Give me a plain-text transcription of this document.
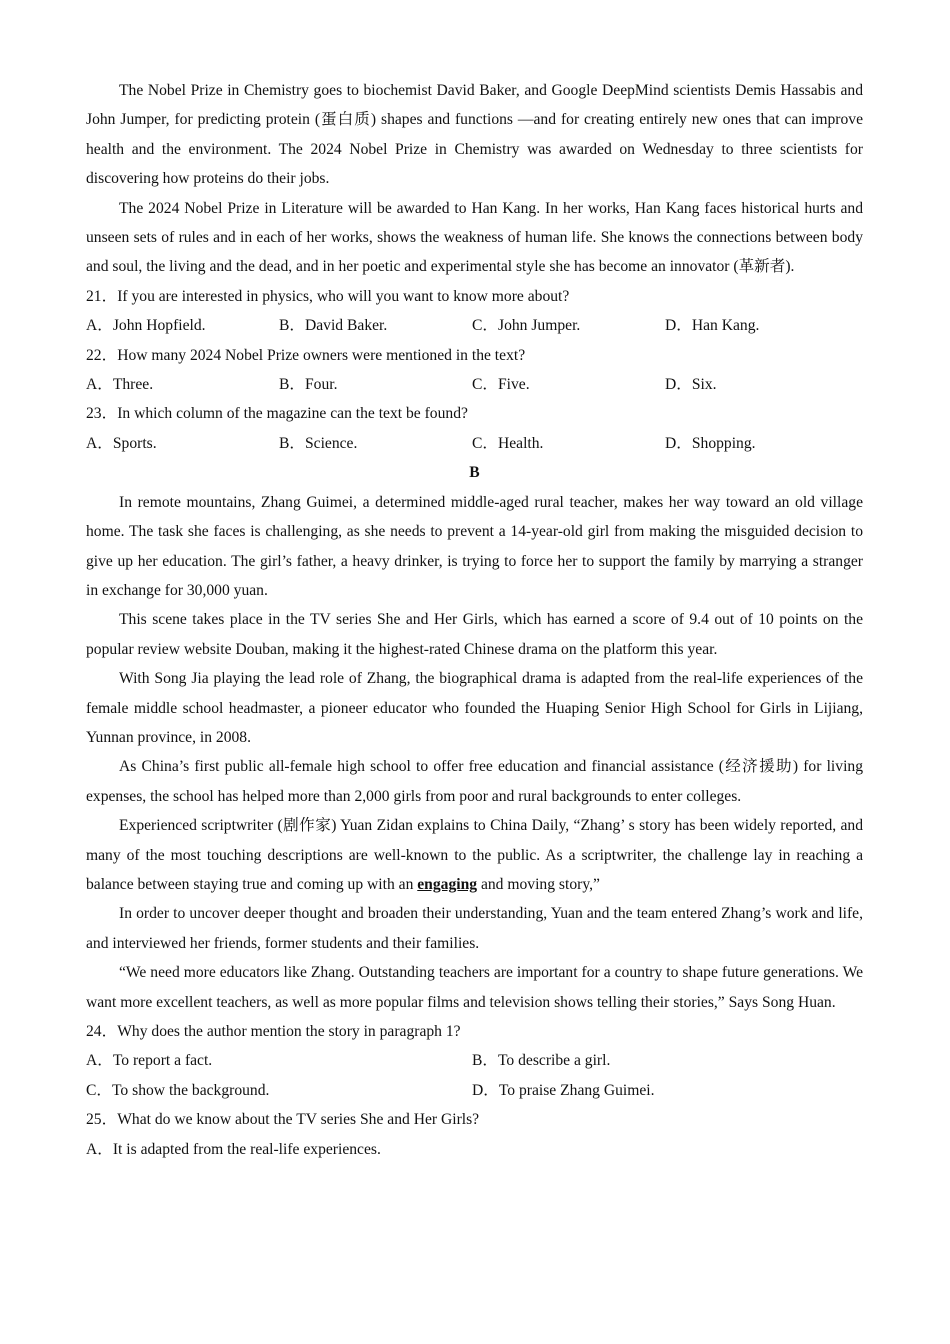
The Nobel Prize in Chemistry goes to biochemist David Baker, and Google DeepMind scientists Demis Hassabis and John Jumper, for predicting protein (蛋白质) shapes and functions —and for creating entirely new ones that can improve health and the environment. The 2024 Nobel Prize in Chemistry was awarded on Wednesday to three scientists for discovering how proteins do their jobs.

The 2024 Nobel Prize in Literature will be awarded to Han Kang. In her works, Han Kang faces historical hurts and unseen sets of rules and in each of her works, shows the weakness of human life. She knows the connections between body and soul, the living and the dead, and in her poetic and experimental style she has become an innovator (革新者).

21．If you are interested in physics, who will you want to know more about?

A．John Hopfield.	B．David Baker.	C．John Jumper.	D．Han Kang.

22．How many 2024 Nobel Prize owners were mentioned in the text?

A．Three.	B．Four.	C．Five.	D．Six.

23．In which column of the magazine can the text be found?

A．Sports.	B．Science.	C．Health.	D．Shopping.

B

In remote mountains, Zhang Guimei, a determined middle-aged rural teacher, makes her way toward an old village home. The task she faces is challenging, as she needs to prevent a 14-year-old girl from making the misguided decision to give up her education. The girl’s father, a heavy drinker, is trying to force her to support the family by marrying a stranger in exchange for 30,000 yuan.

This scene takes place in the TV series She and Her Girls, which has earned a score of 9.4 out of 10 points on the popular review website Douban, making it the highest-rated Chinese drama on the platform this year.

With Song Jia playing the lead role of Zhang, the biographical drama is adapted from the real-life experiences of the female middle school headmaster, a pioneer educator who founded the Huaping Senior High School for Girls in Lijiang, Yunnan province, in 2008.

As China’s first public all-female high school to offer free education and financial assistance (经济援助) for living expenses, the school has helped more than 2,000 girls from poor and rural backgrounds to enter colleges.

Experienced scriptwriter (剧作家) Yuan Zidan explains to China Daily, “Zhang’ s story has been widely reported, and many of the most touching descriptions are well-known to the public. As a scriptwriter, the challenge lay in reaching a balance between staying true and coming up with an engaging and moving story,”

In order to uncover deeper thought and broaden their understanding, Yuan and the team entered Zhang’s work and life, and interviewed her friends, former students and their families.

“We need more educators like Zhang. Outstanding teachers are important for a country to shape future generations. We want more excellent teachers, as well as more popular films and television shows telling their stories,” Says Song Huan.

24．Why does the author mention the story in paragraph 1?

A．To report a fact.	B．To describe a girl.
C．To show the background.	D．To praise Zhang Guimei.

25．What do we know about the TV series She and Her Girls?

A．It is adapted from the real-life experiences.
